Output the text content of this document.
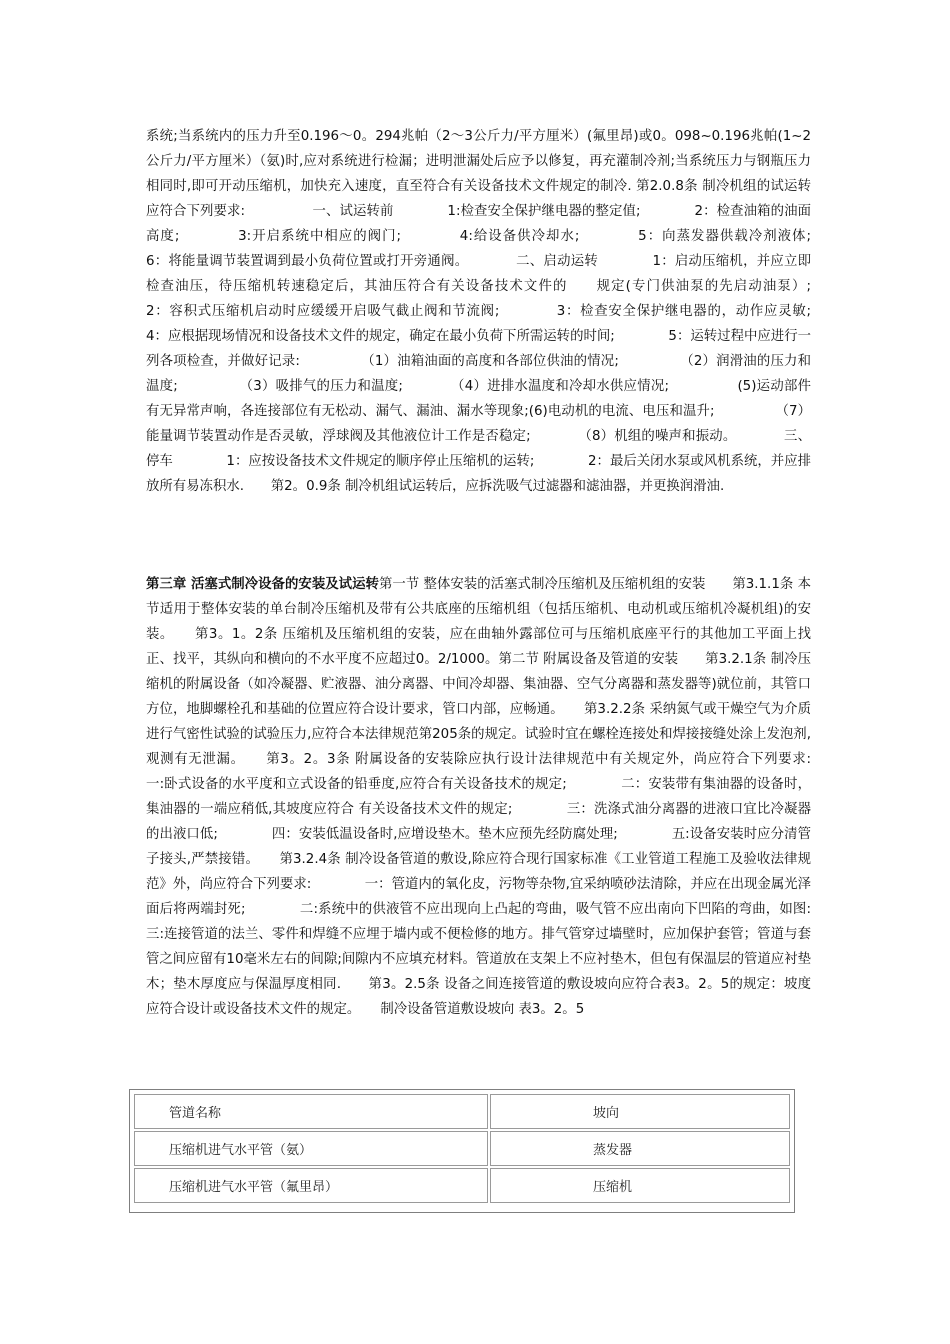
系统;当系统内的压力升至0.196～0。294兆帕（2～3公斤力/平方厘米）(氟里昂)或0。098~0.196兆帕(1~2公斤力/平方厘米）（氨)时,应对系统进行检漏；进明泄漏处后应予以修复，再充灌制冷剂;当系统压力与钢瓶压力相同时,即可开动压缩机，加快充入速度，直至符合有关设备技术文件规定的制冷. 第2.0.8条 制冷机组的试运转应符合下列要求:　　　　　一、试运转前　　　　1:检查安全保护继电器的整定值;　　　　2：检查油箱的油面高度;　　　　3:开启系统中相应的阀门;　　　　4:给设备供冷却水;　　　　5：向蒸发器供载冷剂液体;　　　　6：将能量调节装置调到最小负荷位置或打开旁通阀。　　　　二、启动运转　　　　1：启动压缩机，并应立即检查油压，待压缩机转速稳定后，其油压符合有关设备技术文件的　　规定(专门供油泵的先启动油泵）;　　　　2：容积式压缩机启动时应缓缓开启吸气截止阀和节流阀;　　　　3：检查安全保护继电器的，动作应灵敏;　　　　4：应根据现场情况和设备技术文件的规定，确定在最小负荷下所需运转的时间;　　　　5：运转过程中应进行一列各项检查，并做好记录:　　　　　（1）油箱油面的高度和各部位供油的情况;　　　　　（2）润滑油的压力和温度;　　　　　（3）吸排气的压力和温度;　　　　（4）进排水温度和冷却水供应情况;　　　　　(5)运动部件有无异常声响，各连接部位有无松动、漏气、漏油、漏水等现象;(6)电动机的电流、电压和温升;　　　　　（7）能量调节装置动作是否灵敏，浮球阀及其他液位计工作是否稳定;　　　　（8）机组的噪声和振动。　　　　三、停车　　　　1：应按设备技术文件规定的顺序停止压缩机的运转;　　　　2：最后关闭水泵或风机系统，并应排放所有易冻积水.　　第2。0.9条 制冷机组试运转后，应拆洗吸气过滤器和滤油器，并更换润滑油.
第三章 活塞式制冷设备的安装及试运转第一节 整体安装的活塞式制冷压缩机及压缩机组的安装　　第3.1.1条 本节适用于整体安装的单台制冷压缩机及带有公共底座的压缩机组（包括压缩机、电动机或压缩机冷凝机组)的安装。　　第3。1。2条 压缩机及压缩机组的安装，应在曲轴外露部位可与压缩机底座平行的其他加工平面上找正、找平，其纵向和横向的不水平度不应超过0。2/1000。第二节 附属设备及管道的安装　　第3.2.1条 制冷压缩机的附属设备（如冷凝器、贮液器、油分离器、中间冷却器、集油器、空气分离器和蒸发器等)就位前，其管口方位，地脚螺栓孔和基础的位置应符合设计要求，管口内部，应畅通。　　第3.2.2条 采纳氮气或干燥空气为介质进行气密性试验的试验压力,应符合本法律规范第205条的规定。试验时宜在螺栓连接处和焊接接缝处涂上发泡剂,观测有无泄漏。　　第3。2。3条 附属设备的安装除应执行设计法律规范中有关规定外，尚应符合下列要求:　　　　一:卧式设备的水平度和立式设备的铅垂度,应符合有关设备技术的规定;　　　　二：安装带有集油器的设备时，集油器的一端应稍低,其坡度应符合 有关设备技术文件的规定;　　　　三：洗涤式油分离器的进液口宜比冷凝器的出液口低;　　　　四：安装低温设备时,应增设垫木。垫木应预先经防腐处理;　　　　五:设备安装时应分清管子接头,严禁接错。　　第3.2.4条 制冷设备管道的敷设,除应符合现行国家标准《工业管道工程施工及验收法律规范》外，尚应符合下列要求:　　　　一：管道内的氧化皮，污物等杂物,宜采纳喷砂法清除，并应在出现金属光泽面后将两端封死;　　　　二:系统中的供液管不应出现向上凸起的弯曲，吸气管不应出南向下凹陷的弯曲，如图:　　　　三:连接管道的法兰、零件和焊缝不应埋于墙内或不便检修的地方。排气管穿过墙壁时，应加保护套管；管道与套管之间应留有10毫米左右的间隙;间隙内不应填充材料。管道放在支架上不应衬垫木，但包有保温层的管道应衬垫木；垫木厚度应与保温厚度相同.　　第3。2.5条 设备之间连接管道的敷设坡向应符合表3。2。5的规定：坡度应符合设计或设备技术文件的规定。　　制冷设备管道敷设坡向 表3。2。5
管道名称	坡向
压缩机进气水平管（氨）	蒸发器
压缩机进气水平管（氟里昂）	压缩机
